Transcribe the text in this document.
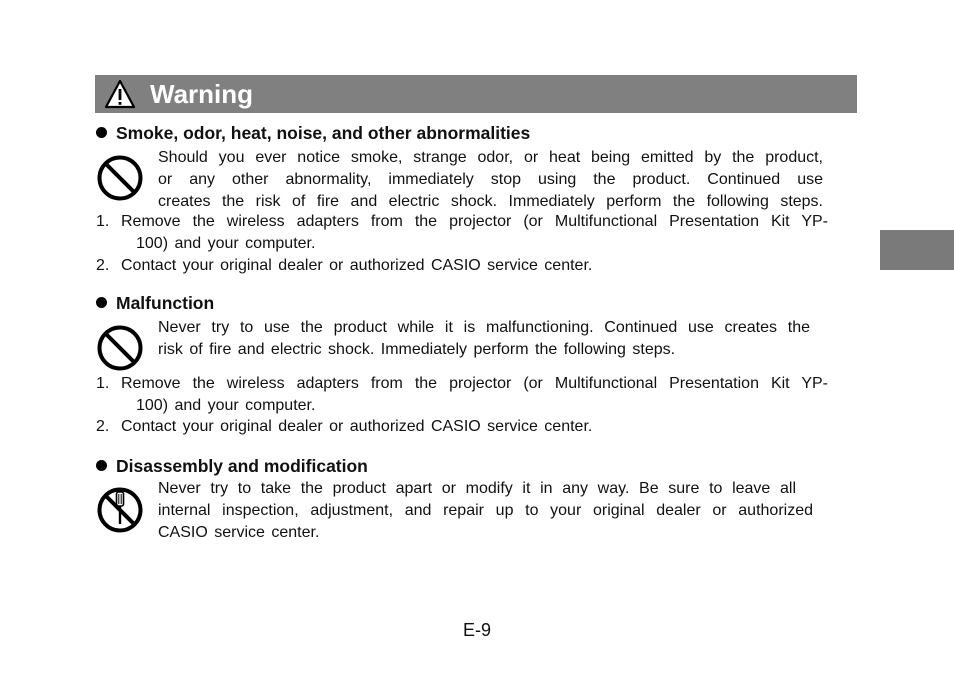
Warning
Smoke, odor, heat, noise, and other abnormalities
Should you ever notice smoke, strange odor, or heat being emitted by the product,
or any other abnormality, immediately stop using the product. Continued use
creates the risk of fire and electric shock. Immediately perform the following steps.
1. Remove the wireless adapters from the projector (or Multifunctional Presentation Kit YP-
100) and your computer.
2. Contact your original dealer or authorized CASIO service center.
Malfunction
Never try to use the product while it is malfunctioning. Continued use creates the
risk of fire and electric shock. Immediately perform the following steps.
1. Remove the wireless adapters from the projector (or Multifunctional Presentation Kit YP-
100) and your computer.
2. Contact your original dealer or authorized CASIO service center.
Disassembly and modification
Never try to take the product apart or modify it in any way. Be sure to leave all
internal inspection, adjustment, and repair up to your original dealer or authorized
CASIO service center.
E-9
